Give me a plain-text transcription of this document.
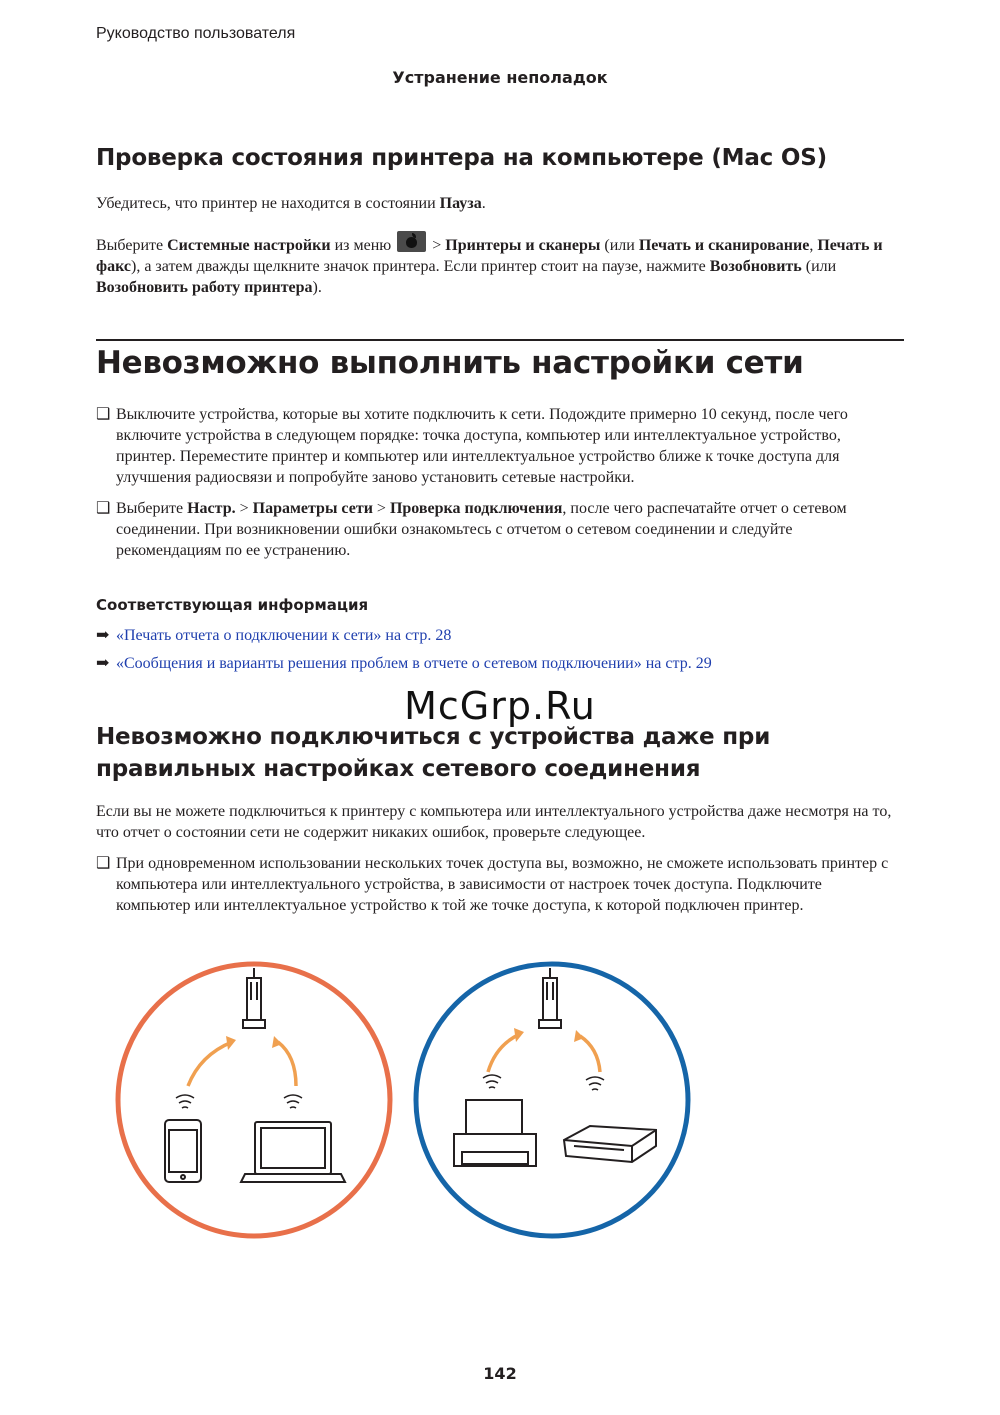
Руководство пользователя
Устранение неполадок
Проверка состояния принтера на компьютере (Mac OS)
Убедитесь, что принтер не находится в состоянии Пауза.
Выберите Системные настройки из меню  > Принтеры и сканеры (или Печать и сканирование, Печать и факс), а затем дважды щелкните значок принтера. Если принтер стоит на паузе, нажмите Возобновить (или Возобновить работу принтера).
Невозможно выполнить настройки сети
❑ Выключите устройства, которые вы хотите подключить к сети. Подождите примерно 10 секунд, после чего включите устройства в следующем порядке: точка доступа, компьютер или интеллектуальное устройство, принтер. Переместите принтер и компьютер или интеллектуальное устройство ближе к точке доступа для улучшения радиосвязи и попробуйте заново установить сетевые настройки.
❑ Выберите Настр. > Параметры сети > Проверка подключения, после чего распечатайте отчет о сетевом соединении. При возникновении ошибки ознакомьтесь с отчетом о сетевом соединении и следуйте рекомендациям по ее устранению.
Соответствующая информация
➡ «Печать отчета о подключении к сети» на стр. 28
➡ «Сообщения и варианты решения проблем в отчете о сетевом подключении» на стр. 29
McGrp.Ru
Невозможно подключиться с устройства даже при правильных настройках сетевого соединения
Если вы не можете подключиться к принтеру с компьютера или интеллектуального устройства даже несмотря на то, что отчет о состоянии сети не содержит никаких ошибок, проверьте следующее.
❑ При одновременном использовании нескольких точек доступа вы, возможно, не сможете использовать принтер с компьютера или интеллектуального устройства, в зависимости от настроек точек доступа. Подключите компьютер или интеллектуальное устройство к той же точке доступа, к которой подключен принтер.
142
